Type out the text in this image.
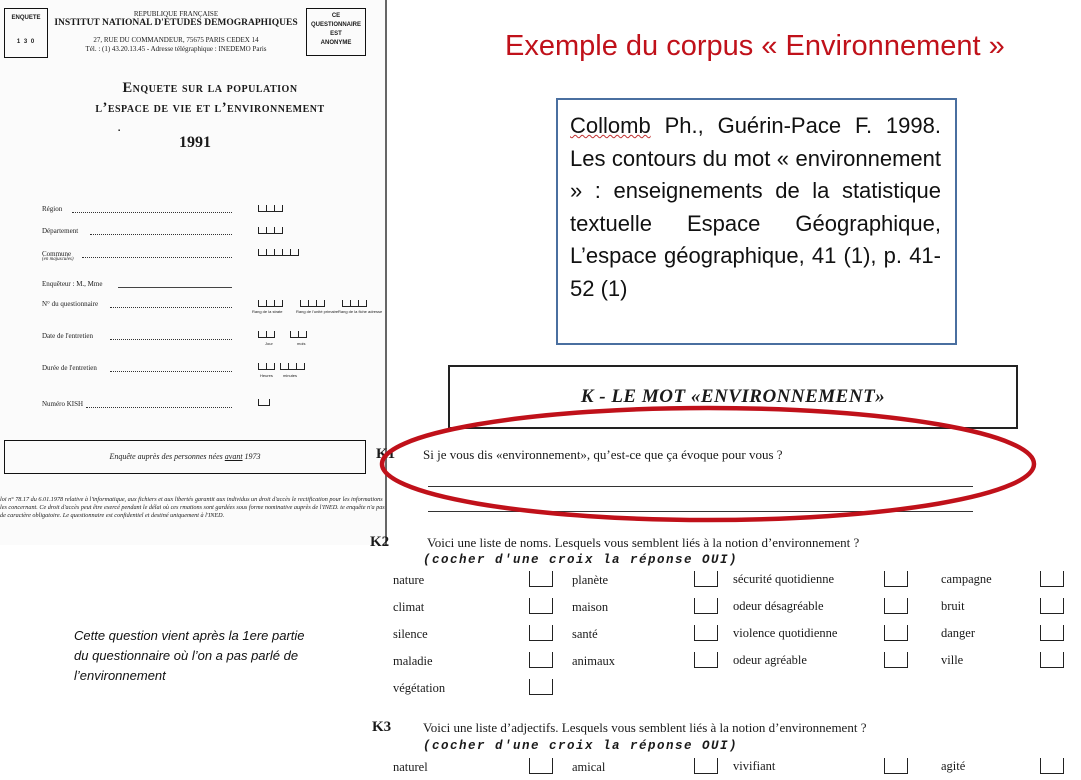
ENQUETE
1 3 0
REPUBLIQUE FRANÇAISE
INSTITUT NATIONAL D'ETUDES DEMOGRAPHIQUES
27, RUE DU COMMANDEUR, 75675 PARIS CEDEX 14
Tél. : (1) 43.20.13.45 - Adresse télégraphique : INEDEMO Paris
CE
QUESTIONNAIRE
EST
ANONYME
Enquete sur la population
l’espace de vie et l’environnement
▪
1991
Région
Département
Commune
(en majuscules)
Enquêteur : M., Mme
N° du questionnaire
Rang de la strate	Rang de l'unité primaire Rang de la fiche adresse
Date de l'entretien
Jour	mois
Durée de l'entretien
Heures	minutes
Numéro KISH
Enquête auprès des personnes nées avant 1973
loi n° 78.17 du 6.01.1978 relative à l'informatique, aux fichiers et aux libertés garantit aux individus un droit d'accès le rectification pour les informations les concernant. Ce droit d'accès peut être exercé pendant le délai où ces rmations sont gardées sous forme nominative auprès de l'INED. te enquête n'a pas de caractère obligatoire. Le questionnaire est confidentiel et destiné uniquement à l'INED.
Exemple du corpus « Environnement »
Collomb Ph., Guérin-Pace F. 1998. Les contours du mot « environnement » : enseignements de la statistique textuelle Espace Géographique, L’espace géographique, 41 (1), p. 41-52 (1)
Cette question vient après la 1ere partie du questionnaire où l’on a pas parlé de l’environnement
K - LE MOT «ENVIRONNEMENT»
K1 Si je vous dis «environnement», qu’est-ce que ça évoque pour vous ?
K2	Voici une liste de noms. Lesquels vous semblent liés à la notion d’environnement ?
(cocher d'une croix la réponse OUI)
nature	planète	sécurité quotidienne	campagne
climat	maison	odeur désagréable	bruit
silence	santé	violence quotidienne	danger
maladie	animaux	odeur agréable	ville
végétation
K3 Voici une liste d’adjectifs. Lesquels vous semblent liés à la notion d’environnement ?
(cocher d'une croix la réponse OUI)
naturel	amical	vivifiant	agité
